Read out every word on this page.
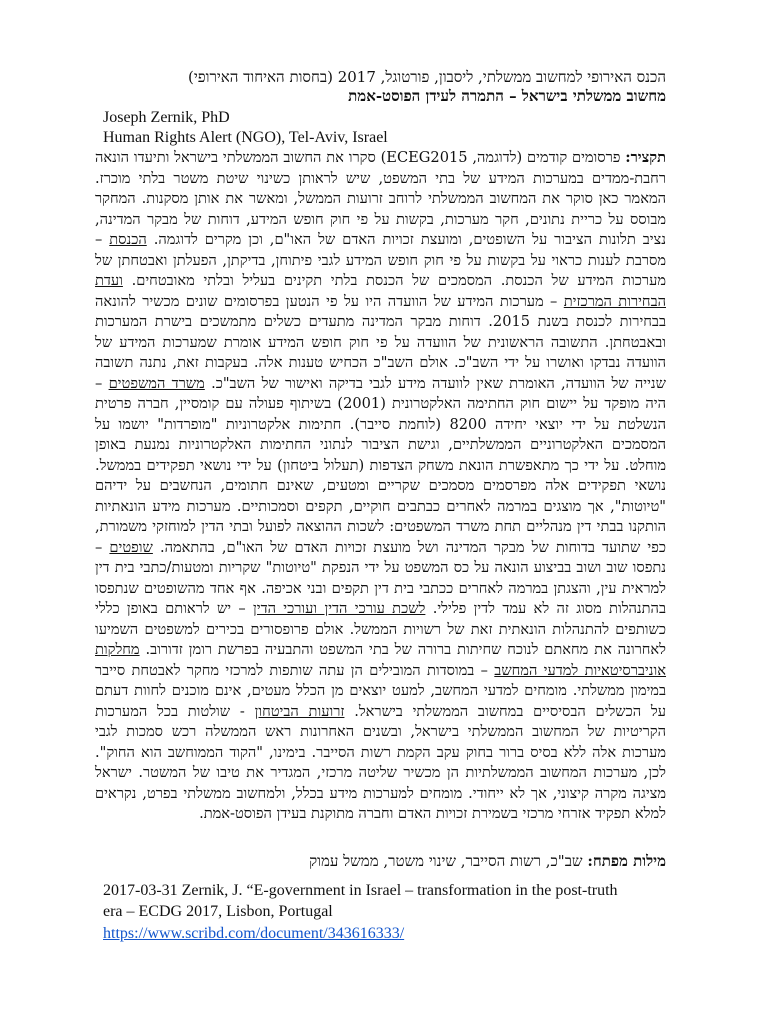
הכנס האירופי למחשוב ממשלתי, ליסבון, פורטוגל, 2017 (בחסות האיחוד האירופי)
מחשוב ממשלתי בישראל – התמרה לעידן הפוסט-אמת
Joseph Zernik, PhD
Human Rights Alert (NGO), Tel-Aviv, Israel
תקציר: פרסומים קודמים (לדוגמה, ECEG2015) סקרו את החשוב הממשלתי בישראל ותיעדו הונאה רחבת-ממדים במערכות המידע של בתי המשפט, שיש לראותן כשינוי שיטת משטר בלתי מוכרז. המאמר כאן סוקר את המחשוב הממשלתי לרוחב זרועות הממשל, ומאשר את אותן מסקנות. המחקר מבוסס על כריית נתונים, חקר מערכות, בקשות על פי חוק חופש המידע, דוחות של מבקר המדינה, נציב תלונות הציבור על השופטים, ומועצת זכויות האדם של האו"ם, וכן מקרים לדוגמה. הכנסת – מסרבת לענות כראוי על בקשות על פי חוק חופש המידע לגבי פיתוחן, בדיקתן, הפעלתן ואבטחתן של מערכות המידע של הכנסת. המסמכים של הכנסת בלתי תקינים בעליל ובלתי מאובטחים. ועדת הבחירות המרכזית – מערכות המידע של הוועדה היו על פי הנטען בפרסומים שונים מכשיר להונאה בבחירות לכנסת בשנת 2015. דוחות מבקר המדינה מתעדים כשלים מתמשכים בישרת המערכות ובאבטחתן. התשובה הראשונית של הוועדה על פי חוק חופש המידע אומרת שמערכות המידע של הוועדה נבדקו ואושרו על ידי השב"כ. אולם השב"כ הכחיש טענות אלה. בעקבות זאת, נתנה תשובה שנייה של הוועדה, האומרת שאין לוועדה מידע לגבי בדיקה ואישור של השב"כ. משרד המשפטים – היה מופקד על יישום חוק החתימה האלקטרונית (2001) בשיתוף פעולה עם קומסיין, חברה פרטית הנשלטת על ידי יוצאי יחידה 8200 (לוחמת סייבר). חתימות אלקטרוניות "מופרדות" יושמו על המסמכים האלקטרוניים הממשלתיים, וגישת הציבור לנתוני החתימות האלקטרוניות נמנעת באופן מוחלט. על ידי כך מתאפשרת הונאת משחק הצדפות (תעלול ביטחון) על ידי נושאי תפקידים בממשל. נושאי תפקידים אלה מפרסמים מסמכים שקריים ומטעים, שאינם חתומים, הנחשבים על ידיהם "טיוטות", אך מוצגים במרמה לאחרים כבתבים חוקיים, תקפים וסמכותיים. מערכות מידע הונאתיות הותקנו בבתי דין מנהליים תחת משרד המשפטים: לשכות ההוצאה לפועל ובתי הדין למוחזקי משמורת, כפי שתועד בדוחות של מבקר המדינה ושל מועצת זכויות האדם של האו"ם, בהתאמה. שופטים – נתפסו שוב ושוב בביצוע הונאה על כס המשפט על ידי הנפקת "טיוטות" שקריות ומטעות/כתבי בית דין למראית עין, והצגתן במרמה לאחרים ככתבי בית דין תקפים ובני אכיפה. אף אחד מהשופטים שנתפסו בהתנהלות מסוג זה לא עמד לדין פלילי. לשכת עורכי הדין ועורכי הדין – יש לראותם באופן כללי כשותפים להתנהלות הונאתית זאת של רשויות הממשל. אולם פרופסורים בכירים למשפטים השמיעו לאחרונה את מחאתם לנוכח שחיתות ברורה של בתי המשפט והתבעיה בפרשת רומן זדורוב. מחלקות אוניברסיטאיות למדעי המחשב – במוסדות המובילים הן עתה שותפות למרכזי מחקר לאבטחת סייבר במימון ממשלתי. מומחים למדעי המחשב, למעט יוצאים מן הכלל מעטים, אינם מוכנים לחוות דעתם על הכשלים הבסיסיים במחשוב הממשלתי בישראל. זרועות הביטחון - שולטות בכל המערכות הקריטיות של המחשוב הממשלתי בישראל, ובשנים האחרונות ראש הממשלה רכש סמכות לגבי מערכות אלה ללא בסיס ברור בחוק עקב הקמת רשות הסייבר. בימינו, "הקוד הממוחשב הוא החוק". לכן, מערכות המחשוב הממשלתיות הן מכשיר שליטה מרכזי, המגדיר את טיבו של המשטר. ישראל מציגה מקרה קיצוני, אך לא ייחודי. מומחים למערכות מידע בכלל, ולמחשוב ממשלתי בפרט, נקראים למלא תפקיד אזרחי מרכזי בשמירת זכויות האדם וחברה מתוקנת בעידן הפוסט-אמת.
מילות מפתח: שב"כ, רשות הסייבר, שינוי משטר, ממשל עמוק
2017-03-31 Zernik, J. “E-government in Israel – transformation in the post-truth era – ECDG 2017, Lisbon, Portugal
https://www.scribd.com/document/343616333/
